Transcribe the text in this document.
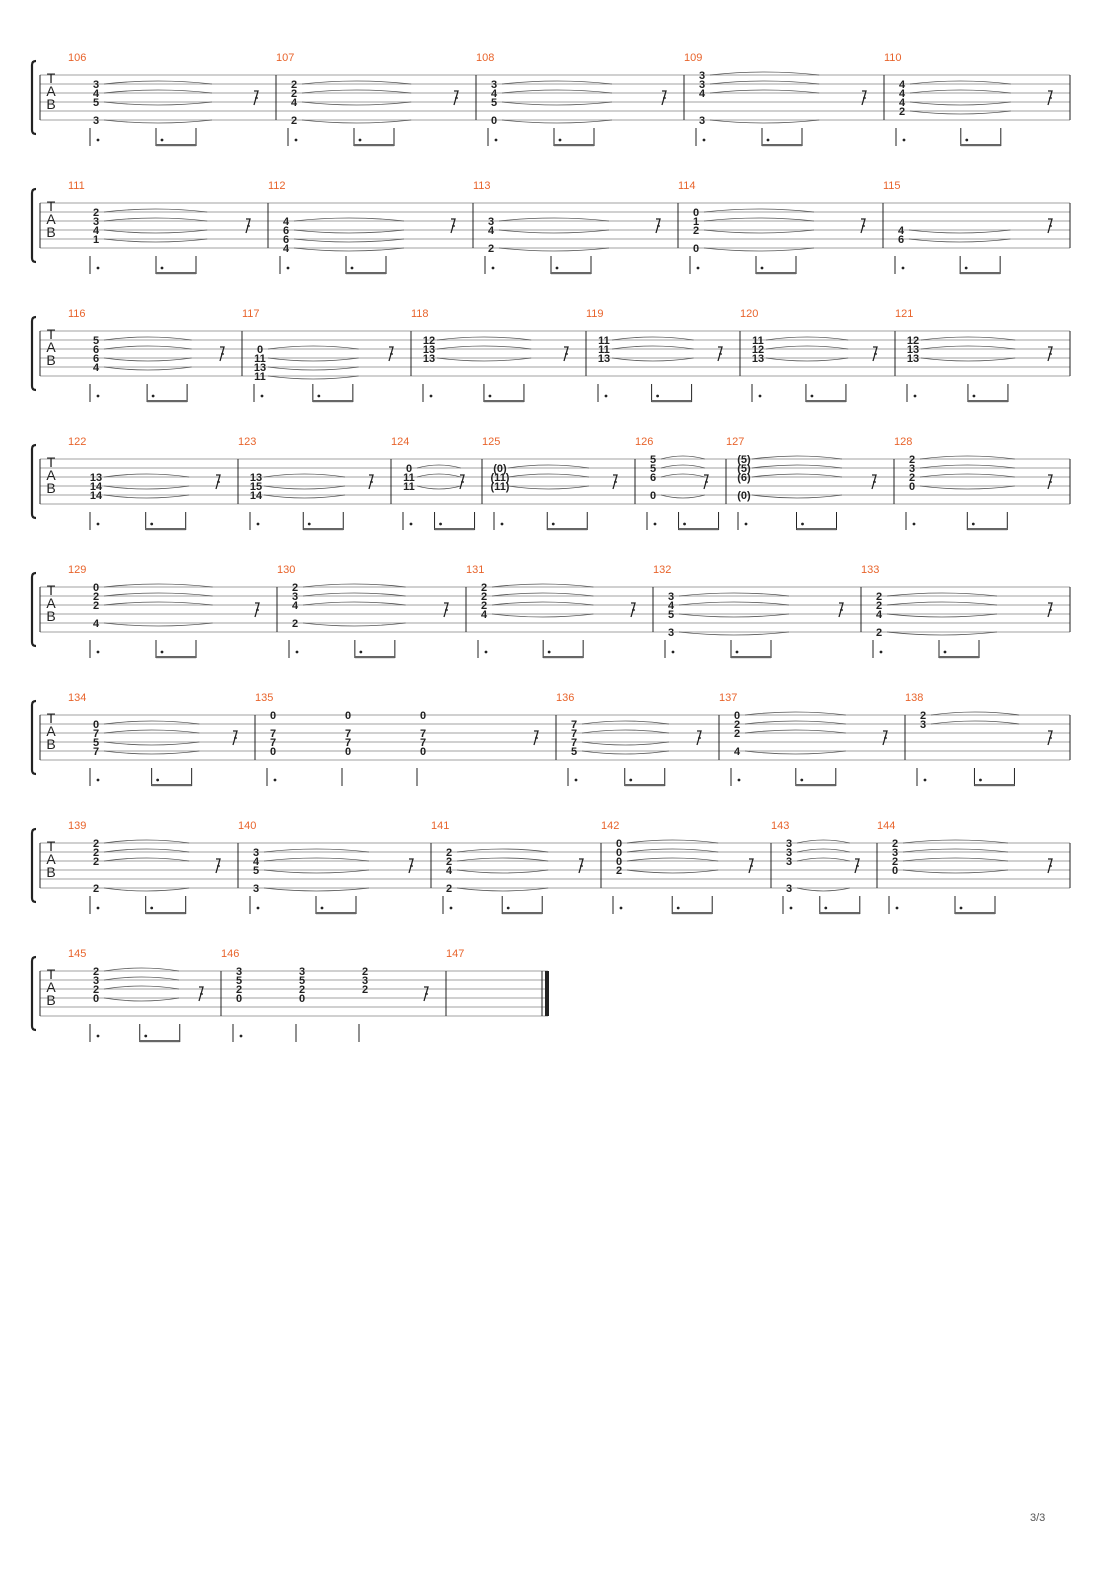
T
A
B
106
3
4
5
3
107
2
2
4
2
108
3
4
5
0
109
3
3
4
3
110
4
4
4
2
T
A
B
111
2
3
4
1
112
4
6
6
4
113
3
4
2
114
0
1
2
0
115
4
6
T
A
B
116
5
6
6
4
117
0
11
13
11
118
12
13
13
119
11
11
13
120
11
12
13
121
12
13
13
T
A
B
122
13
14
14
123
13
15
14
124
0
11
11
125
(0)
(11)
(11)
126
5
5
6
0
127
(5)
(5)
(6)
(0)
128
2
3
2
0
T
A
B
129
0
2
2
4
130
2
3
4
2
131
2
2
2
4
132
3
4
5
3
133
2
2
4
2
T
A
B
134
0
7
5
7
135
0
7
7
0
0
7
7
0
0
7
7
0
136
7
7
7
5
137
0
2
2
4
138
2
3
T
A
B
139
2
2
2
2
140
3
4
5
3
141
2
2
4
2
142
0
0
0
2
143
3
3
3
3
144
2
3
2
0
T
A
B
145
2
3
2
0
146
3
5
2
0
3
5
2
0
2
3
2
147
3/3
